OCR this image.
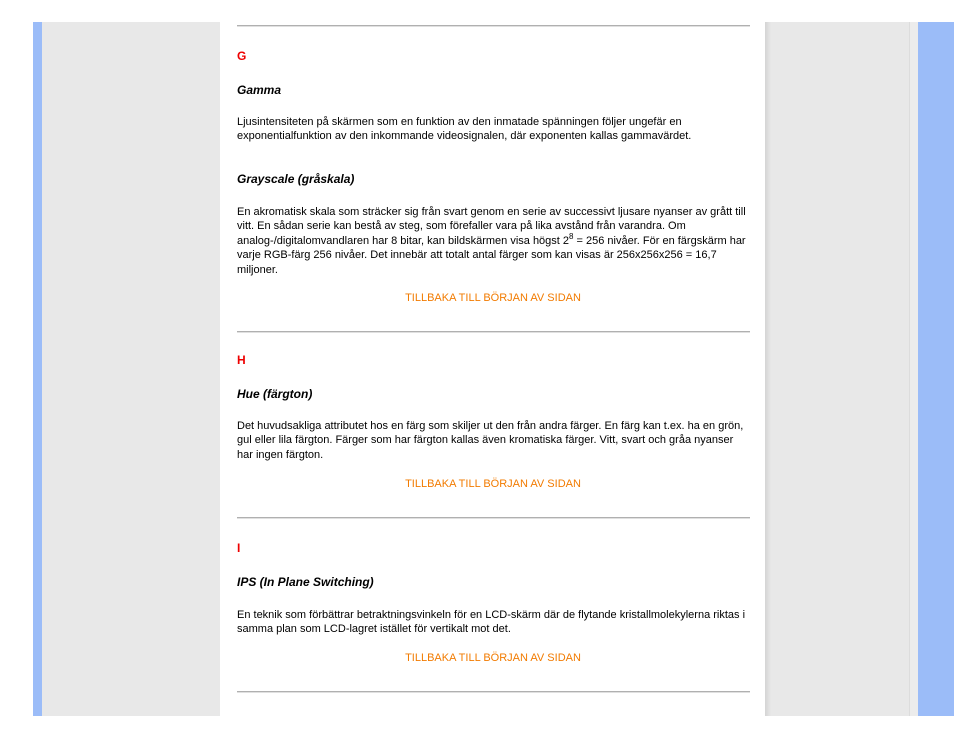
G
Gamma

Ljusintensiteten på skärmen som en funktion av den inmatade spänningen följer ungefär en exponentialfunktion av den inkommande videosignalen, där exponenten kallas gammavärdet.

Grayscale (gråskala)

En akromatisk skala som sträcker sig från svart genom en serie av successivt ljusare nyanser av grått till vitt. En sådan serie kan bestå av steg, som förefaller vara på lika avstånd från varandra. Om analog-/digitalomvandlaren har 8 bitar, kan bildskärmen visa högst $2^8 = 256$ nivåer. För en färgskärm har varje RGB-färg 256 nivåer. Det innebär att totalt antal färger som kan visas är 256x256x256 = 16,7 miljoner.

TILLBAKA TILL BÖRJAN AV SIDAN
H
Hue (färgton)

Det huvudsakliga attributet hos en färg som skiljer ut den från andra färger. En färg kan t.ex. ha en grön, gul eller lila färgton. Färger som har färgton kallas även kromatiska färger. Vitt, svart och gråa nyanser har ingen färgton.

TILLBAKA TILL BÖRJAN AV SIDAN
I
IPS (In Plane Switching)

En teknik som förbättrar betraktningsvinkeln för en LCD-skärm där de flytande kristallmolekylerna riktas i samma plan som LCD-lagret istället för vertikalt mot det.

TILLBAKA TILL BÖRJAN AV SIDAN
